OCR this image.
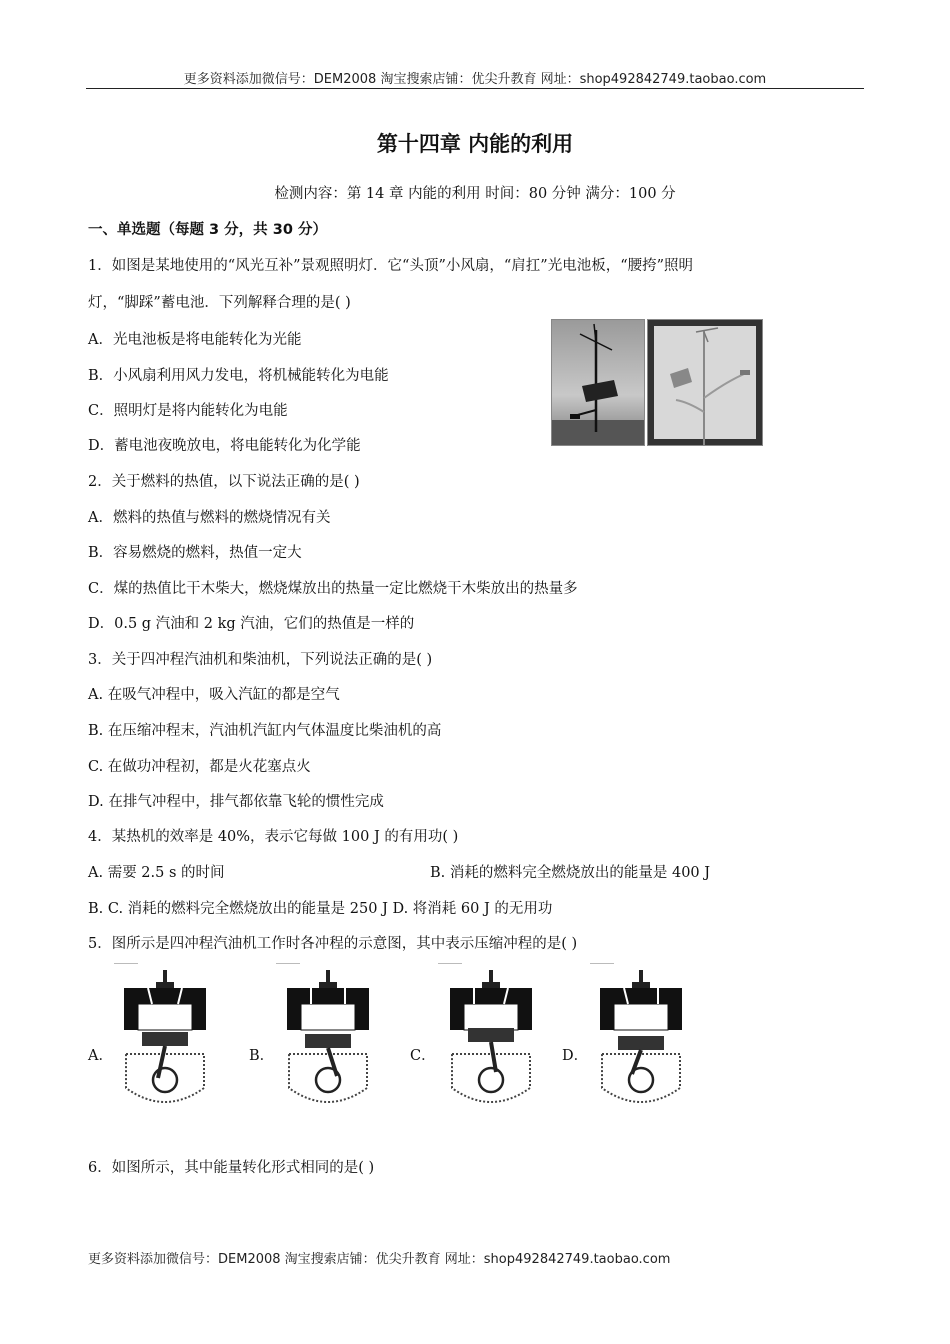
更多资料添加微信号：DEM2008 淘宝搜索店铺：优尖升教育 网址：shop492842749.taobao.com
第十四章 内能的利用
检测内容：第 14 章 内能的利用 时间：80 分钟 满分：100 分
一、单选题（每题 3 分，共 30 分）
1．如图是某地使用的“风光互补”景观照明灯．它“头顶”小风扇，“肩扛”光电池板，“腰挎”照明
灯，“脚踩”蓄电池．下列解释合理的是( )
A．光电池板是将电能转化为光能
B．小风扇利用风力发电，将机械能转化为电能
C．照明灯是将内能转化为电能
D．蓄电池夜晚放电，将电能转化为化学能
2．关于燃料的热值，以下说法正确的是( )
A．燃料的热值与燃料的燃烧情况有关
B．容易燃烧的燃料，热值一定大
C．煤的热值比干木柴大，燃烧煤放出的热量一定比燃烧干木柴放出的热量多
D．0.5 g 汽油和 2 kg 汽油，它们的热值是一样的
3．关于四冲程汽油机和柴油机，下列说法正确的是( )
A. 在吸气冲程中，吸入汽缸的都是空气
B. 在压缩冲程末，汽油机汽缸内气体温度比柴油机的高
C. 在做功冲程初，都是火花塞点火
D. 在排气冲程中，排气都依靠飞轮的惯性完成
4．某热机的效率是 40%，表示它每做 100 J 的有用功( )
A. 需要 2.5 s 的时间	B. 消耗的燃料完全燃烧放出的能量是 400 J
B. C. 消耗的燃料完全燃烧放出的能量是 250 J D. 将消耗 60 J 的无用功
5．图所示是四冲程汽油机工作时各冲程的示意图，其中表示压缩冲程的是( )
A．	B．	C．	D．
6．如图所示，其中能量转化形式相同的是( )
更多资料添加微信号：DEM2008 淘宝搜索店铺：优尖升教育 网址：shop492842749.taobao.com
